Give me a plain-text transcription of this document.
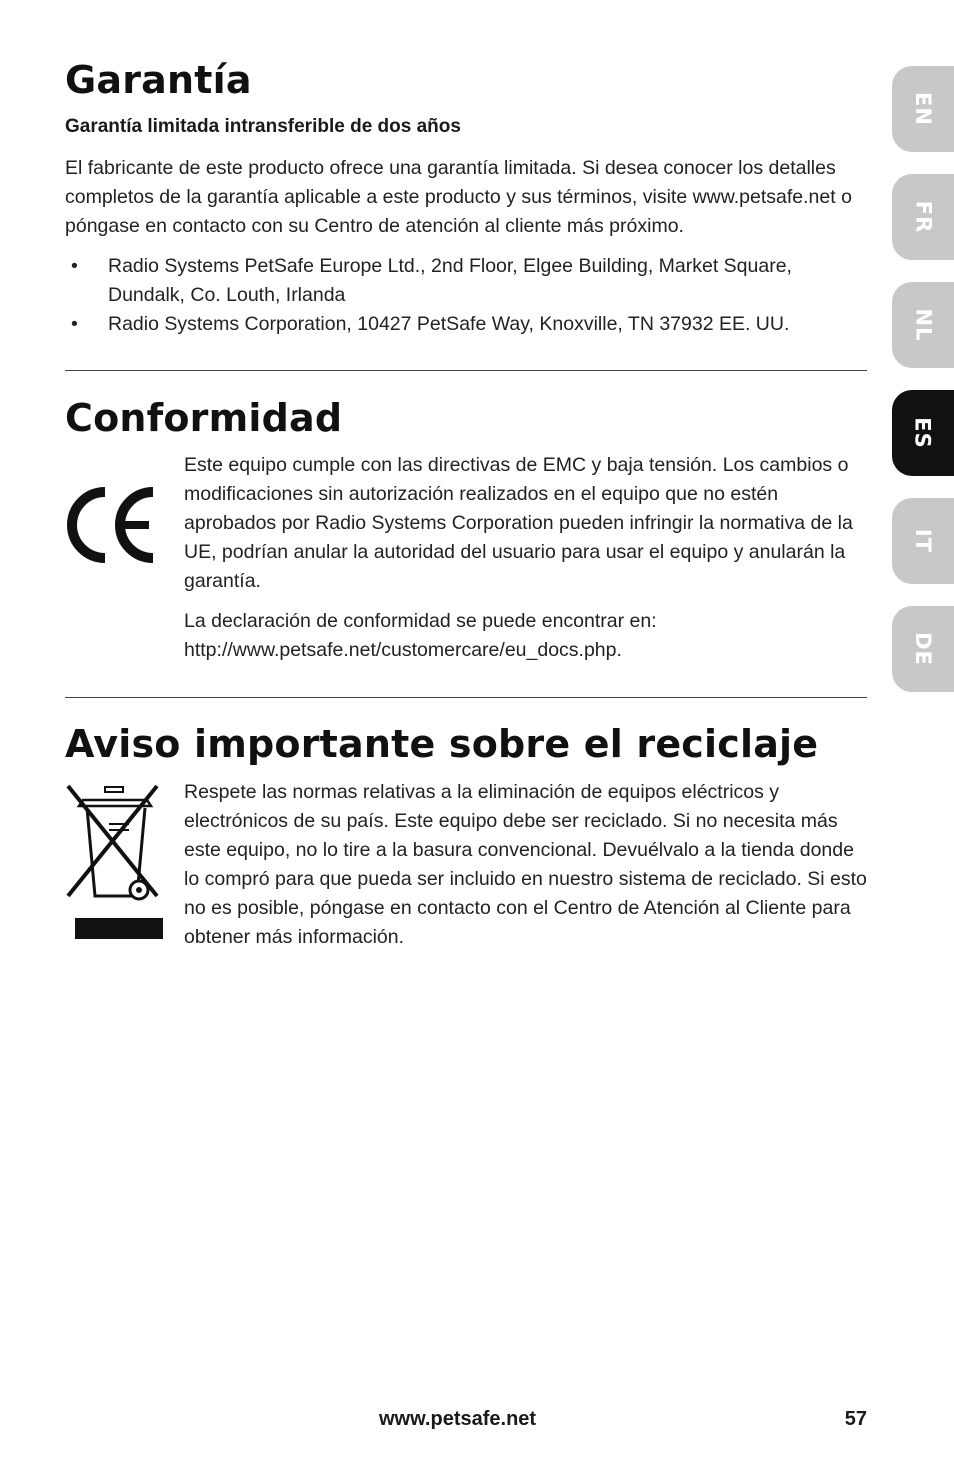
Garantía
Garantía limitada intransferible de dos años

El fabricante de este producto ofrece una garantía limitada. Si desea conocer los detalles completos de la garantía aplicable a este producto y sus términos, visite www.petsafe.net o póngase en contacto con su Centro de atención al cliente más próximo.

• Radio Systems PetSafe Europe Ltd., 2nd Floor, Elgee Building, Market Square, Dundalk, Co. Louth, Irlanda
• Radio Systems Corporation, 10427 PetSafe Way, Knoxville, TN 37932 EE. UU.
Conformidad

Este equipo cumple con las directivas de EMC y baja tensión. Los cambios o modificaciones sin autorización realizados en el equipo que no estén aprobados por Radio Systems Corporation pueden infringir la normativa de la UE, podrían anular la autoridad del usuario para usar el equipo y anularán la garantía.

La declaración de conformidad se puede encontrar en:
http://www.petsafe.net/customercare/eu_docs.php.

Aviso importante sobre el reciclaje

Respete las normas relativas a la eliminación de equipos eléctricos y electrónicos de su país. Este equipo debe ser reciclado. Si no necesita más este equipo, no lo tire a la basura convencional. Devuélvalo a la tienda donde lo compró para que pueda ser incluido en nuestro sistema de reciclado. Si esto no es posible, póngase en contacto con el Centro de Atención al Cliente para obtener más información.

EN
FR
NL
ES
IT
DE
www.petsafe.net	57
